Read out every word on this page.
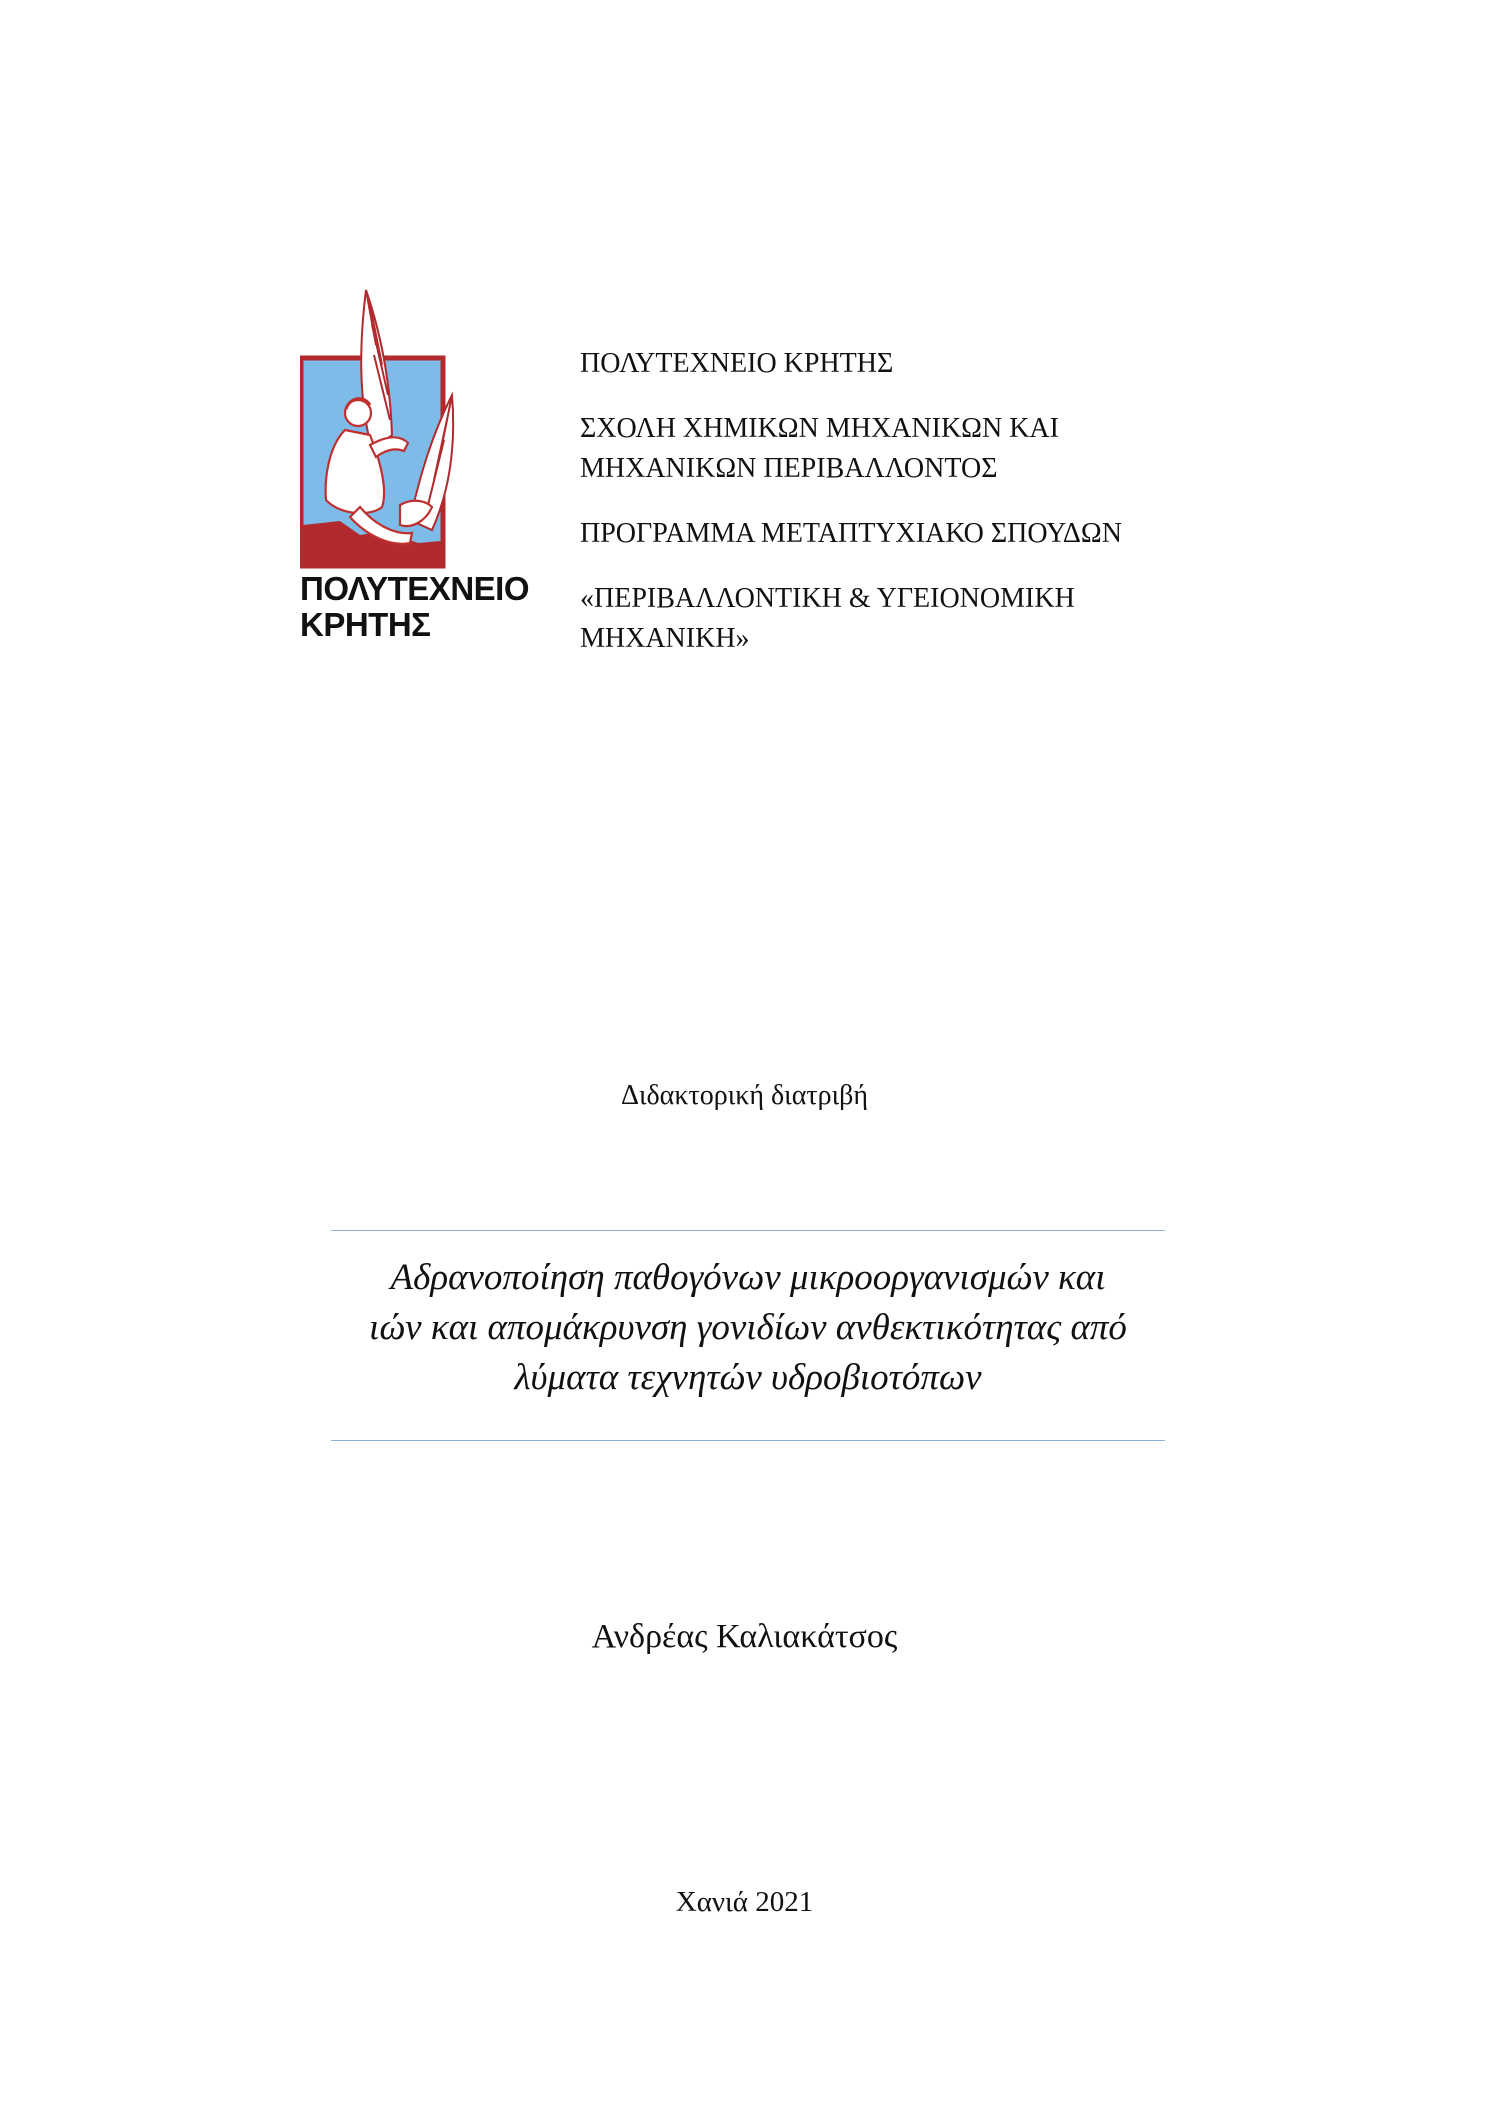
ΠΟΛΥΤΕΧΝΕΙΟ
ΚΡΗΤΗΣ
ΠΟΛΥΤΕΧΝΕΙΟ ΚΡΗΤΗΣ
ΣΧΟΛΗ ΧΗΜΙΚΩΝ ΜΗΧΑΝΙΚΩΝ ΚΑΙ
ΜΗΧΑΝΙΚΩΝ ΠΕΡΙΒΑΛΛΟΝΤΟΣ
ΠΡΟΓΡΑΜΜΑ ΜΕΤΑΠΤΥΧΙΑΚΟ ΣΠΟΥΔΩΝ
«ΠΕΡΙΒΑΛΛΟΝΤΙΚΗ & ΥΓΕΙΟΝΟΜΙΚΗ
ΜΗΧΑΝΙΚΗ»
Διδακτορική διατριβή
Αδρανοποίηση παθογόνων μικροοργανισμών και
ιών και απομάκρυνση γονιδίων ανθεκτικότητας από
λύματα τεχνητών υδροβιοτόπων
Ανδρέας Καλιακάτσος
Χανιά 2021
